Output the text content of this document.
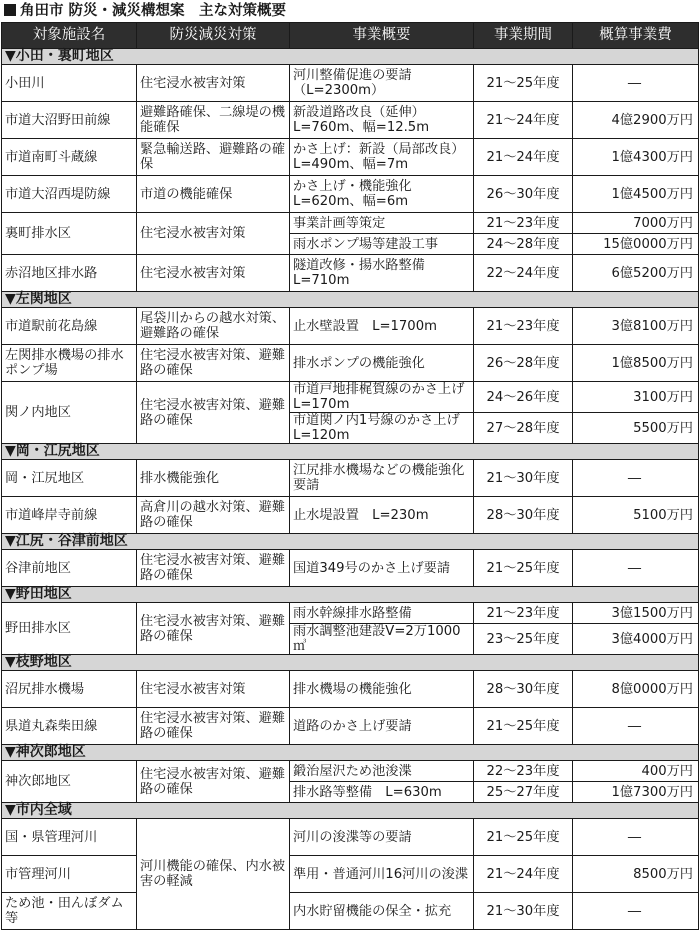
角田市 防災・減災構想案　主な対策概要
対象施設名	防災減災対策	事業概要	事業期間	概算事業費
▼小田・裏町地区				
小田川	住宅浸水被害対策	河川整備促進の要請（L=2300m）	21～25年度	―
市道大沼野田前線	避難路確保、二線堤の機能確保	新設道路改良（延伸）L=760m、幅=12.5m	21～24年度	4億2900万円
市道南町斗蔵線	緊急輸送路、避難路の確保	かさ上げ：新設（局部改良）L=490m、幅=7m	21～24年度	1億4300万円
市道大沼西堤防線	市道の機能確保	かさ上げ・機能強化L=620m、幅=6m	26～30年度	1億4500万円
裏町排水区	住宅浸水被害対策	事業計画等策定	21～23年度	7000万円
		雨水ポンプ場等建設工事	24～28年度	15億0000万円
赤沼地区排水路	住宅浸水被害対策	隧道改修・揚水路整備L=710m	22～24年度	6億5200万円
▼左関地区				
市道駅前花島線	尾袋川からの越水対策、避難路の確保	止水壁設置　L=1700m	21～23年度	3億8100万円
左関排水機場の排水ポンプ場	住宅浸水被害対策、避難路の確保	排水ポンプの機能強化	26～28年度	1億8500万円
関ノ内地区	住宅浸水被害対策、避難路の確保	市道戸地排梶賀線のかさ上げ　L=170m	24～26年度	3100万円
		市道関ノ内1号線のかさ上げ　L=120m	27～28年度	5500万円
▼岡・江尻地区				
岡・江尻地区	排水機能強化	江尻排水機場などの機能強化要請	21～30年度	―
市道峰岸寺前線	高倉川の越水対策、避難路の確保	止水堤設置　L=230m	28～30年度	5100万円
▼江尻・谷津前地区				
谷津前地区	住宅浸水被害対策、避難路の確保	国道349号のかさ上げ要請	21～25年度	―
▼野田地区				
野田排水区	住宅浸水被害対策、避難路の確保	雨水幹線排水路整備	21～23年度	3億1500万円
		雨水調整池建設V=2万1000㎥	23～25年度	3億4000万円
▼枝野地区				
沼尻排水機場	住宅浸水被害対策	排水機場の機能強化	28～30年度	8億0000万円
県道丸森柴田線	住宅浸水被害対策、避難路の確保	道路のかさ上げ要請	21～25年度	―
▼神次郎地区				
神次郎地区	住宅浸水被害対策、避難路の確保	鍛治屋沢ため池浚渫	22～23年度	400万円
		排水路等整備　L=630m	25～27年度	1億7300万円
▼市内全域				
国・県管理河川	河川機能の確保、内水被害の軽減	河川の浚渫等の要請	21～25年度	―
市管理河川		準用・普通河川16河川の浚渫	21～24年度	8500万円
ため池・田んぼダム等		内水貯留機能の保全・拡充	21～30年度	―
